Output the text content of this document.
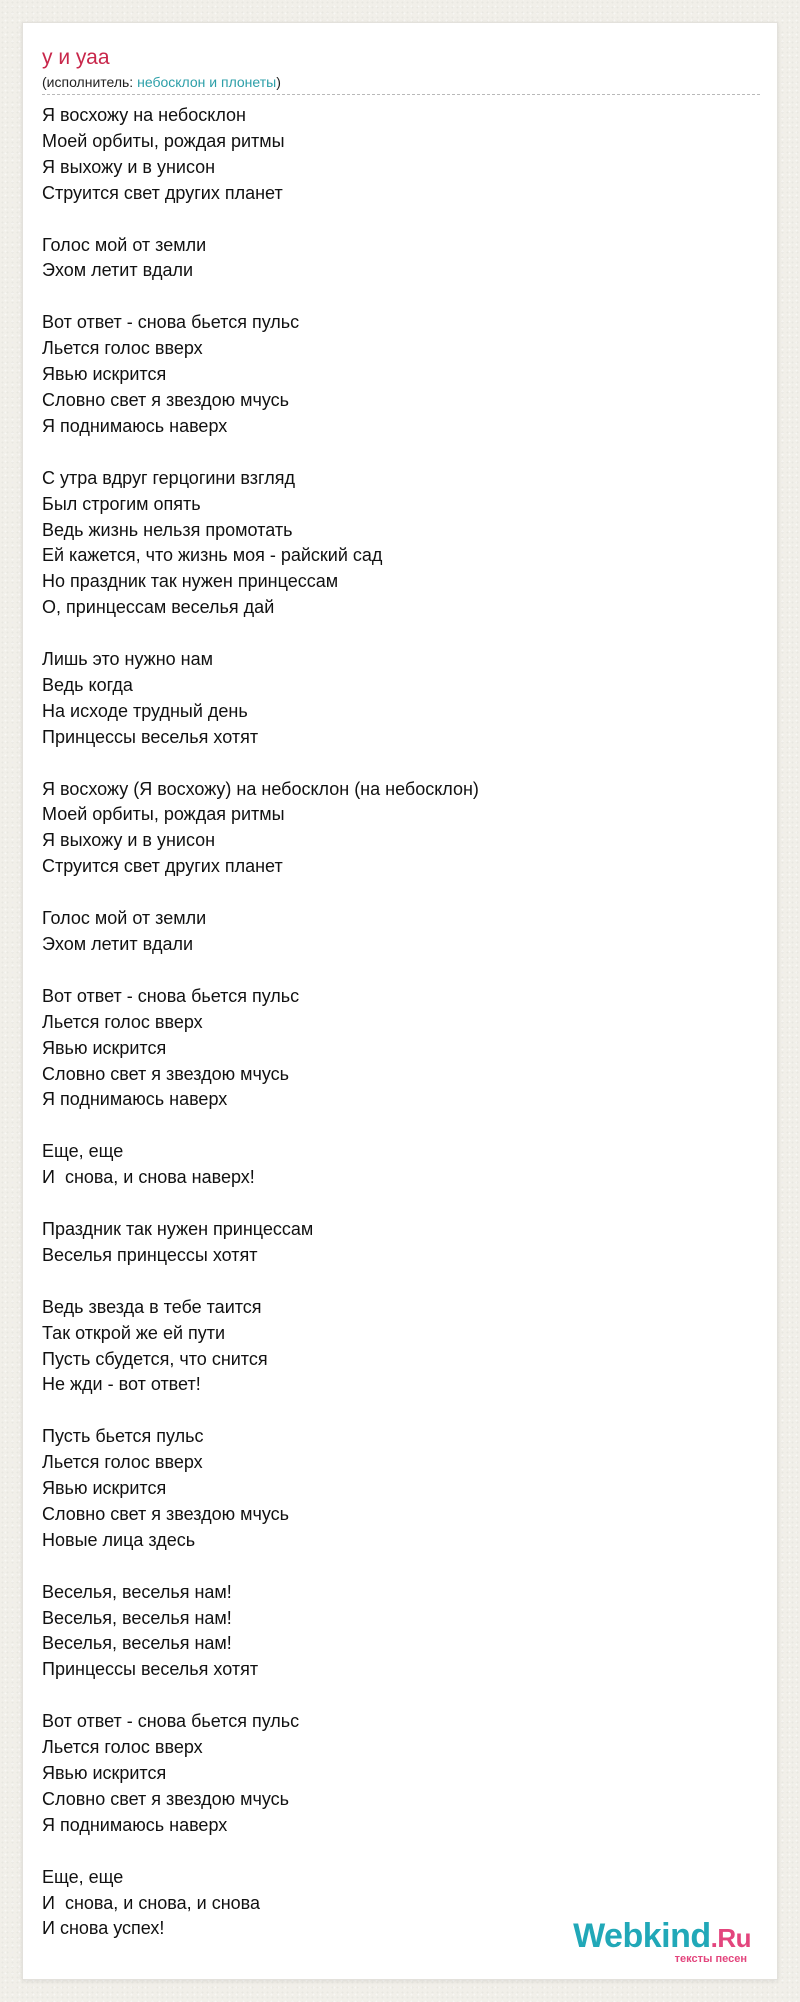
у и уаа
(исполнитель: небосклон и плонеты)
Я восхожу на небосклон
Моей орбиты, рождая ритмы
Я выхожу и в унисон
Струится свет других планет

Голос мой от земли
Эхом летит вдали

Вот ответ - снова бьется пульс
Льется голос вверх
Явью искрится
Словно свет я звездою мчусь
Я поднимаюсь наверх

С утра вдруг герцогини взгляд
Был строгим опять
Ведь жизнь нельзя промотать
Ей кажется, что жизнь моя - райский сад
Но праздник так нужен принцессам
О, принцессам веселья дай

Лишь это нужно нам
Ведь когда
На исходе трудный день
Принцессы веселья хотят

Я восхожу (Я восхожу) на небосклон (на небосклон)
Моей орбиты, рождая ритмы
Я выхожу и в унисон
Струится свет других планет

Голос мой от земли
Эхом летит вдали

Вот ответ - снова бьется пульс
Льется голос вверх
Явью искрится
Словно свет я звездою мчусь
Я поднимаюсь наверх

Еще, еще
И  снова, и снова наверх!

Праздник так нужен принцессам
Веселья принцессы хотят

Ведь звезда в тебе таится
Так открой же ей пути
Пусть сбудется, что снится
Не жди - вот ответ!

Пусть бьется пульс
Льется голос вверх
Явью искрится
Словно свет я звездою мчусь
Новые лица здесь

Веселья, веселья нам!
Веселья, веселья нам!
Веселья, веселья нам!
Принцессы веселья хотят

Вот ответ - снова бьется пульс
Льется голос вверх
Явью искрится
Словно свет я звездою мчусь
Я поднимаюсь наверх

Еще, еще
И  снова, и снова, и снова
И снова успех!	Webkind.Ru
тексты песен
